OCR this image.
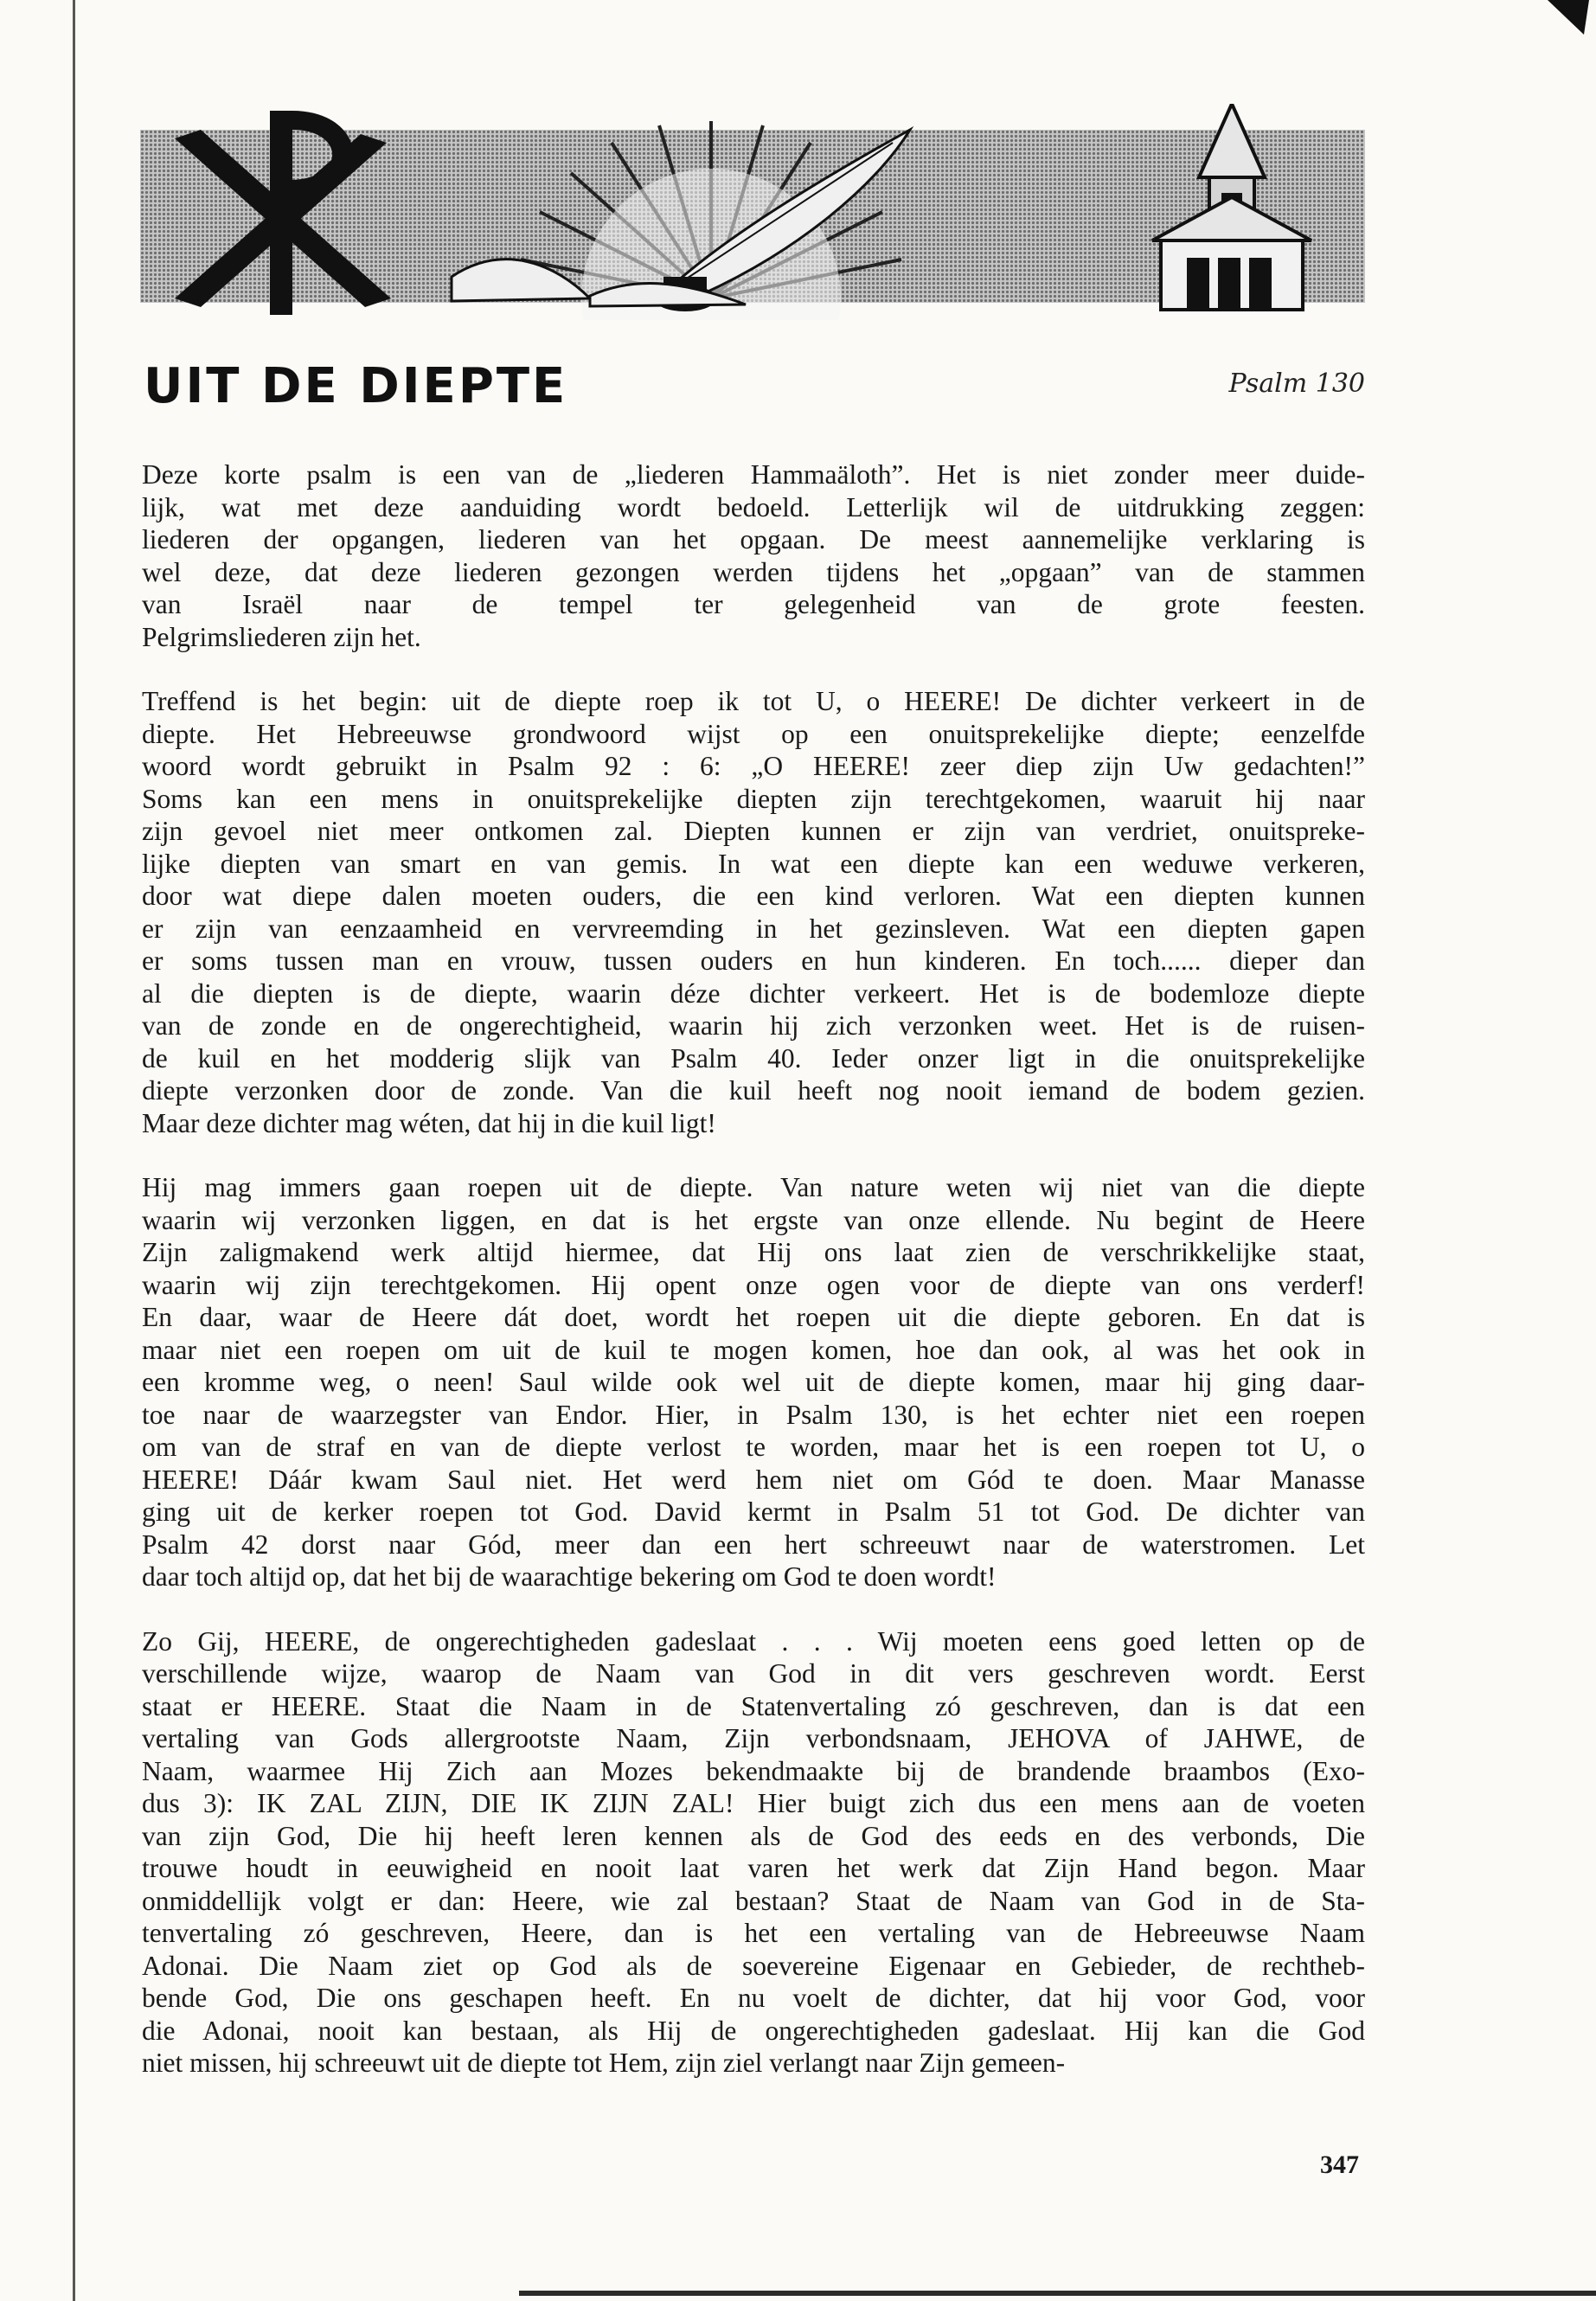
UIT DE DIEPTE	Psalm 130
Deze korte psalm is een van de „liederen Hammaäloth”. Het is niet zonder meer duide-
lijk, wat met deze aanduiding wordt bedoeld. Letterlijk wil de uitdrukking zeggen:
liederen der opgangen, liederen van het opgaan. De meest aannemelijke verklaring is
wel deze, dat deze liederen gezongen werden tijdens het „opgaan” van de stammen
van Israël naar de tempel ter gelegenheid van de grote feesten.
Pelgrimsliederen zijn het.
Treffend is het begin: uit de diepte roep ik tot U, o HEERE! De dichter verkeert in de
diepte. Het Hebreeuwse grondwoord wijst op een onuitsprekelijke diepte; eenzelfde
woord wordt gebruikt in Psalm 92 : 6: „O HEERE! zeer diep zijn Uw gedachten!”
Soms kan een mens in onuitsprekelijke diepten zijn terechtgekomen, waaruit hij naar
zijn gevoel niet meer ontkomen zal. Diepten kunnen er zijn van verdriet, onuitspreke-
lijke diepten van smart en van gemis. In wat een diepte kan een weduwe verkeren,
door wat diepe dalen moeten ouders, die een kind verloren. Wat een diepten kunnen
er zijn van eenzaamheid en vervreemding in het gezinsleven. Wat een diepten gapen
er soms tussen man en vrouw, tussen ouders en hun kinderen. En toch...... dieper dan
al die diepten is de diepte, waarin déze dichter verkeert. Het is de bodemloze diepte
van de zonde en de ongerechtigheid, waarin hij zich verzonken weet. Het is de ruisen-
de kuil en het modderig slijk van Psalm 40. Ieder onzer ligt in die onuitsprekelijke
diepte verzonken door de zonde. Van die kuil heeft nog nooit iemand de bodem gezien.
Maar deze dichter mag wéten, dat hij in die kuil ligt!
Hij mag immers gaan roepen uit de diepte. Van nature weten wij niet van die diepte
waarin wij verzonken liggen, en dat is het ergste van onze ellende. Nu begint de Heere
Zijn zaligmakend werk altijd hiermee, dat Hij ons laat zien de verschrikkelijke staat,
waarin wij zijn terechtgekomen. Hij opent onze ogen voor de diepte van ons verderf!
En daar, waar de Heere dát doet, wordt het roepen uit die diepte geboren. En dat is
maar niet een roepen om uit de kuil te mogen komen, hoe dan ook, al was het ook in
een kromme weg, o neen! Saul wilde ook wel uit de diepte komen, maar hij ging daar-
toe naar de waarzegster van Endor. Hier, in Psalm 130, is het echter niet een roepen
om van de straf en van de diepte verlost te worden, maar het is een roepen tot U, o
HEERE! Dáár kwam Saul niet. Het werd hem niet om Gód te doen. Maar Manasse
ging uit de kerker roepen tot God. David kermt in Psalm 51 tot God. De dichter van
Psalm 42 dorst naar Gód, meer dan een hert schreeuwt naar de waterstromen. Let
daar toch altijd op, dat het bij de waarachtige bekering om God te doen wordt!
Zo Gij, HEERE, de ongerechtigheden gadeslaat . . . Wij moeten eens goed letten op de
verschillende wijze, waarop de Naam van God in dit vers geschreven wordt. Eerst
staat er HEERE. Staat die Naam in de Statenvertaling zó geschreven, dan is dat een
vertaling van Gods allergrootste Naam, Zijn verbondsnaam, JEHOVA of JAHWE, de
Naam, waarmee Hij Zich aan Mozes bekendmaakte bij de brandende braambos (Exo-
dus 3): IK ZAL ZIJN, DIE IK ZIJN ZAL! Hier buigt zich dus een mens aan de voeten
van zijn God, Die hij heeft leren kennen als de God des eeds en des verbonds, Die
trouwe houdt in eeuwigheid en nooit laat varen het werk dat Zijn Hand begon. Maar
onmiddellijk volgt er dan: Heere, wie zal bestaan? Staat de Naam van God in de Sta-
tenvertaling zó geschreven, Heere, dan is het een vertaling van de Hebreeuwse Naam
Adonai. Die Naam ziet op God als de soevereine Eigenaar en Gebieder, de rechtheb-
bende God, Die ons geschapen heeft. En nu voelt de dichter, dat hij voor God, voor
die Adonai, nooit kan bestaan, als Hij de ongerechtigheden gadeslaat. Hij kan die God
niet missen, hij schreeuwt uit de diepte tot Hem, zijn ziel verlangt naar Zijn gemeen-
347
